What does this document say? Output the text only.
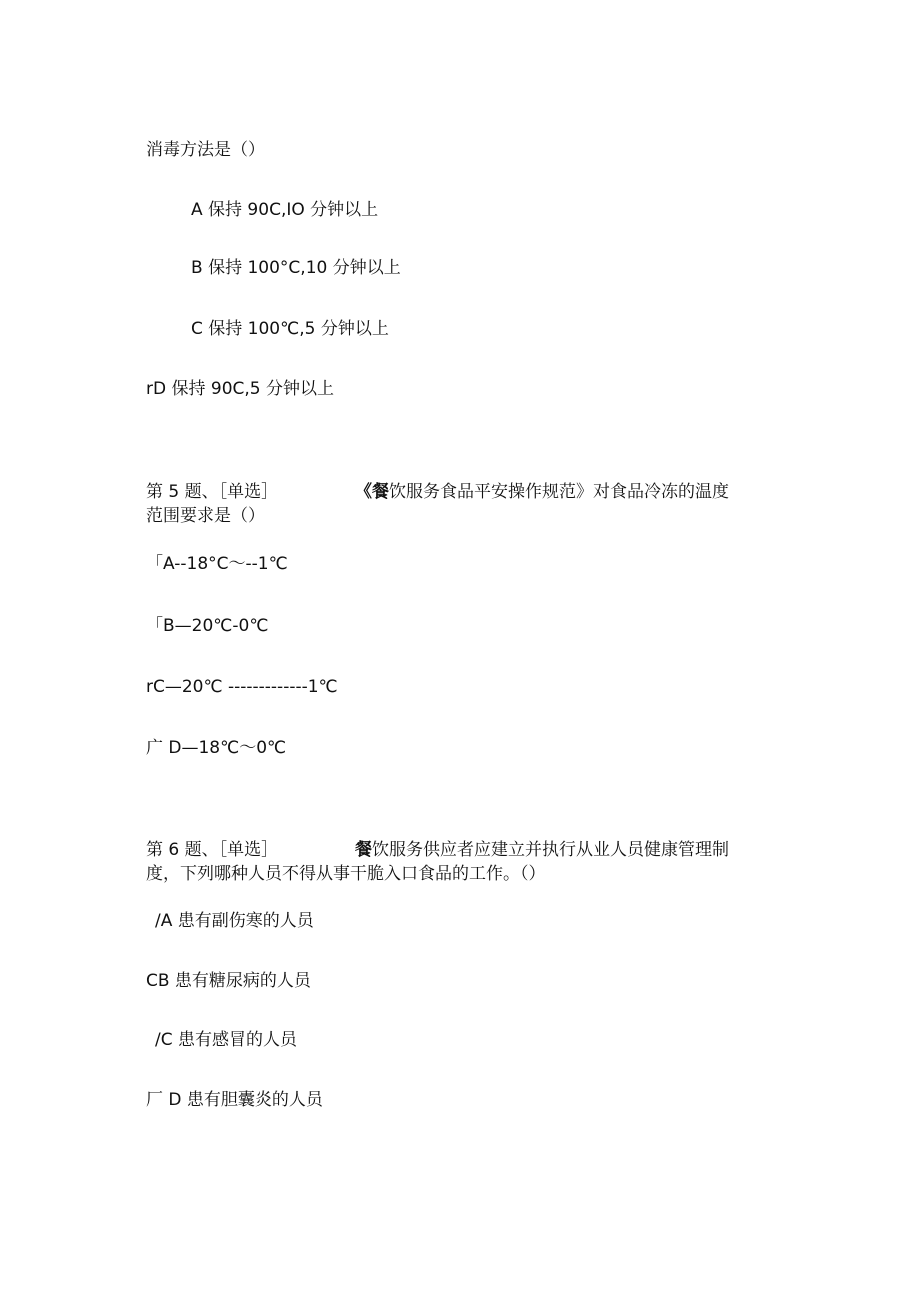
消毒方法是（）
A 保持 90C,IO 分钟以上
B 保持 100°C,10 分钟以上
C 保持 100℃,5 分钟以上
rD 保持 90C,5 分钟以上
第 5 题、［单选］	《餐饮服务食品平安操作规范》对食品冷冻的温度
范围要求是（）
「A--18°C～--1℃
「B—20℃-0℃
rC—20℃ -------------1℃
广 D—18℃～0℃
第 6 题、［单选］	餐饮服务供应者应建立并执行从业人员健康管理制
度，下列哪种人员不得从事干脆入口食品的工作。（）
/A 患有副伤寒的人员
CB 患有糖尿病的人员
/C 患有感冒的人员
厂 D 患有胆囊炎的人员
